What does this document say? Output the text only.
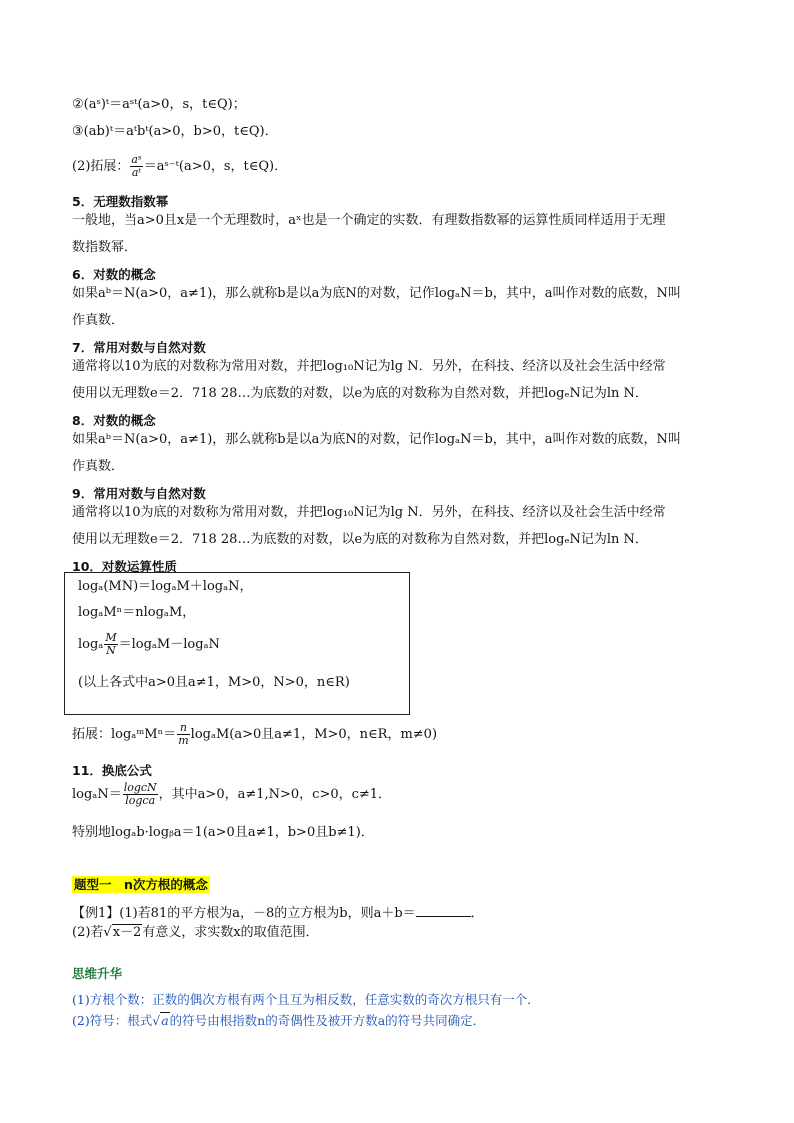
②(aˢ)ᵗ＝aˢᵗ(a>0，s，t∈Q)；
③(ab)ᵗ＝aᵗbᵗ(a>0，b>0，t∈Q)．
(2)拓展： $\frac{\text{aˢ}}{\text{aᵗ}}$ ＝aˢ⁻ᵗ(a>0，s，t∈Q)．
5．无理数指数幂
一般地，当a>0且x是一个无理数时，aˣ也是一个确定的实数．有理数指数幂的运算性质同样适用于无理
数指数幂．
6．对数的概念
如果aᵇ＝N(a>0，a≠1)，那么就称b是以a为底N的对数，记作logₐN＝b，其中，a叫作对数的底数，N叫
作真数．
7．常用对数与自然对数
通常将以10为底的对数称为常用对数，并把log₁₀N记为lg N．另外，在科技、经济以及社会生活中经常
使用以无理数e＝2．718 28…为底数的对数，以e为底的对数称为自然对数，并把logₑN记为ln N．
8．对数的概念
如果aᵇ＝N(a>0，a≠1)，那么就称b是以a为底N的对数，记作logₐN＝b，其中，a叫作对数的底数，N叫
作真数．
9．常用对数与自然对数
通常将以10为底的对数称为常用对数，并把log₁₀N记为lg N．另外，在科技、经济以及社会生活中经常
使用以无理数e＝2．718 28…为底数的对数，以e为底的对数称为自然对数，并把logₑN记为ln N．
10．对数运算性质
logₐ(MN)＝logₐM＋logₐN，
logₐMⁿ＝nlogₐM，
logₐ $\frac{M}{N} =\log_aM-\log_aN$
(以上各式中a>0且a≠1，M>0，N>0，n∈R)
拓展：logₐᵐMⁿ＝ $\frac{n}{m} \log_aM(a>0$且a≠1，M>0，n∈R，m≠0)
11．换底公式
$\log_aN= \frac{\text{logcN}}{\text{logca}}$ ，其中a>0，a≠1,N>0，c>0，c≠1．
特别地logₐb·logᵦa＝1(a>0且a≠1，b>0且b≠1)．
题型一　n次方根的概念
【例1】(1)若81的平方根为a，－8的立方根为b，则a＋b＝	．
(2)若√x－2有意义，求实数x的取值范围．
思维升华
(1)方根个数：正数的偶次方根有两个且互为相反数，任意实数的奇次方根只有一个．
(2)符号：根式√a的符号由根指数n的奇偶性及被开方数a的符号共同确定．
